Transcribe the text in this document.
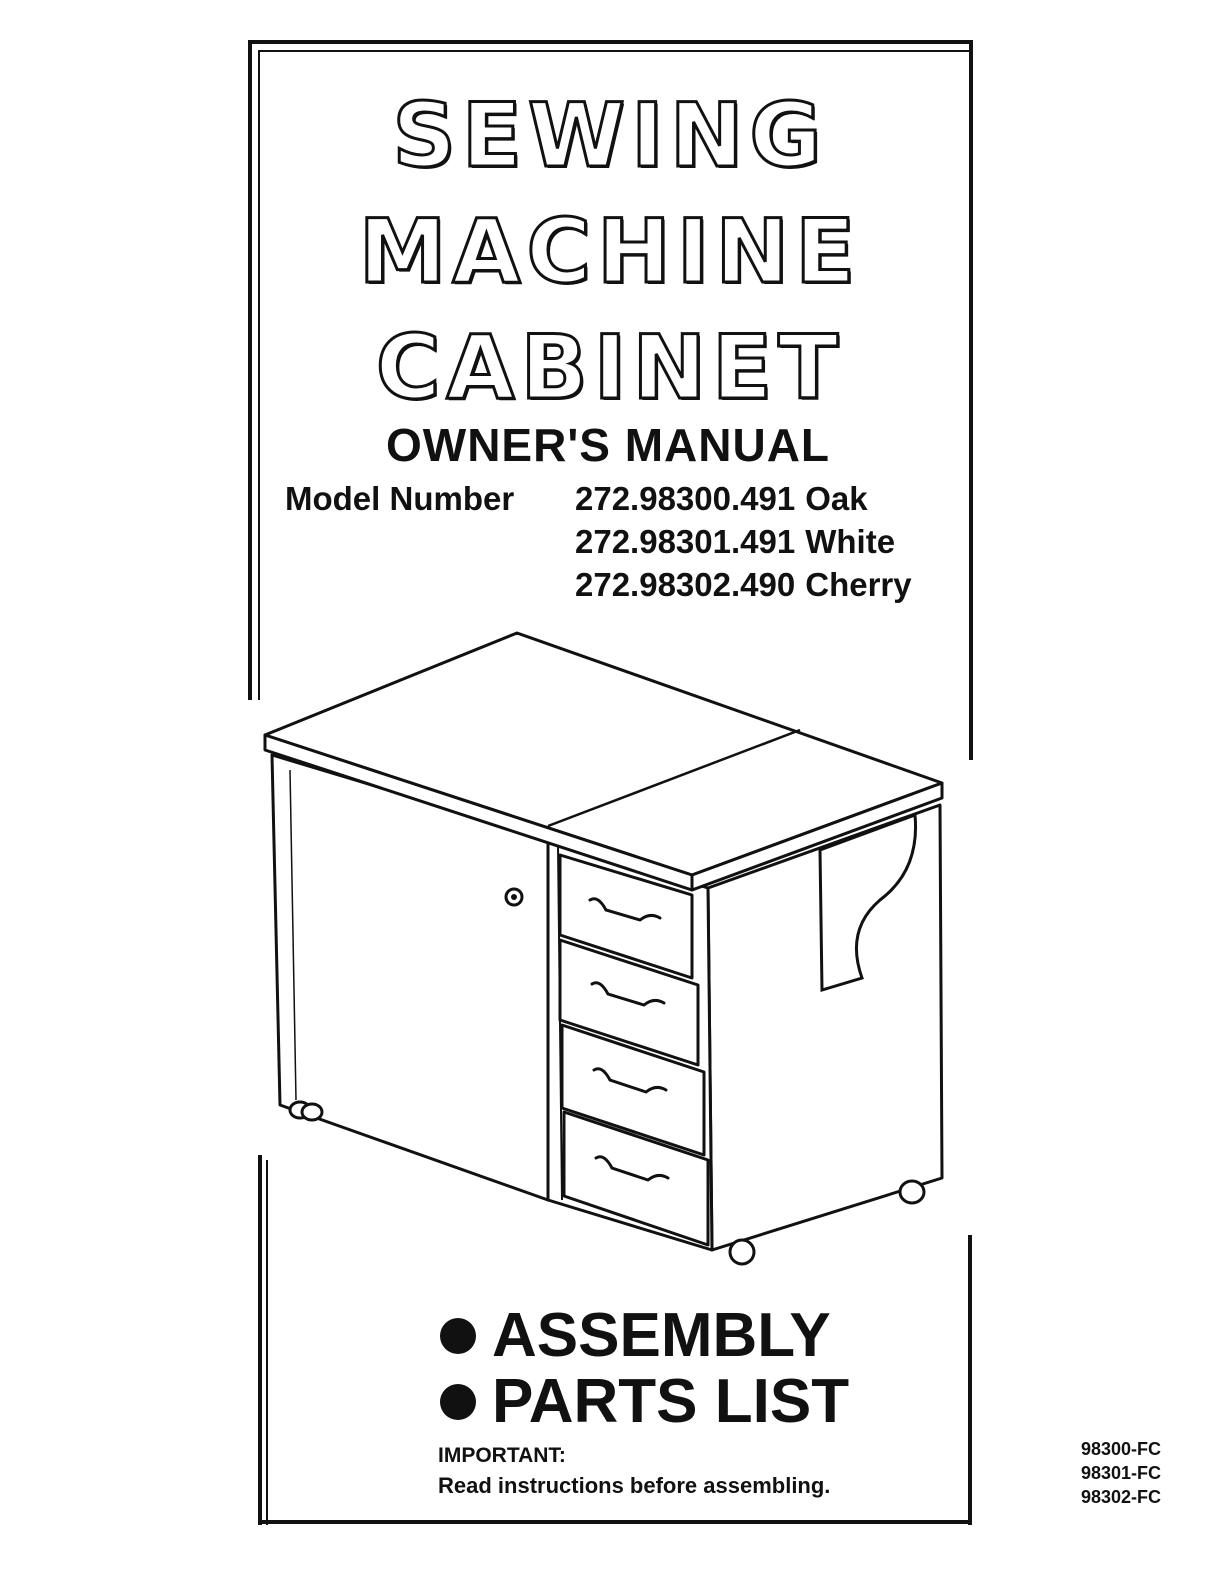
SEWING
MACHINE
CABINET
OWNER'S MANUAL
Model Number 272.98300.491 Oak
272.98301.491 White
272.98302.490 Cherry
ASSEMBLY
PARTS LIST
IMPORTANT:
Read instructions before assembling.
98300-FC
98301-FC
98302-FC
